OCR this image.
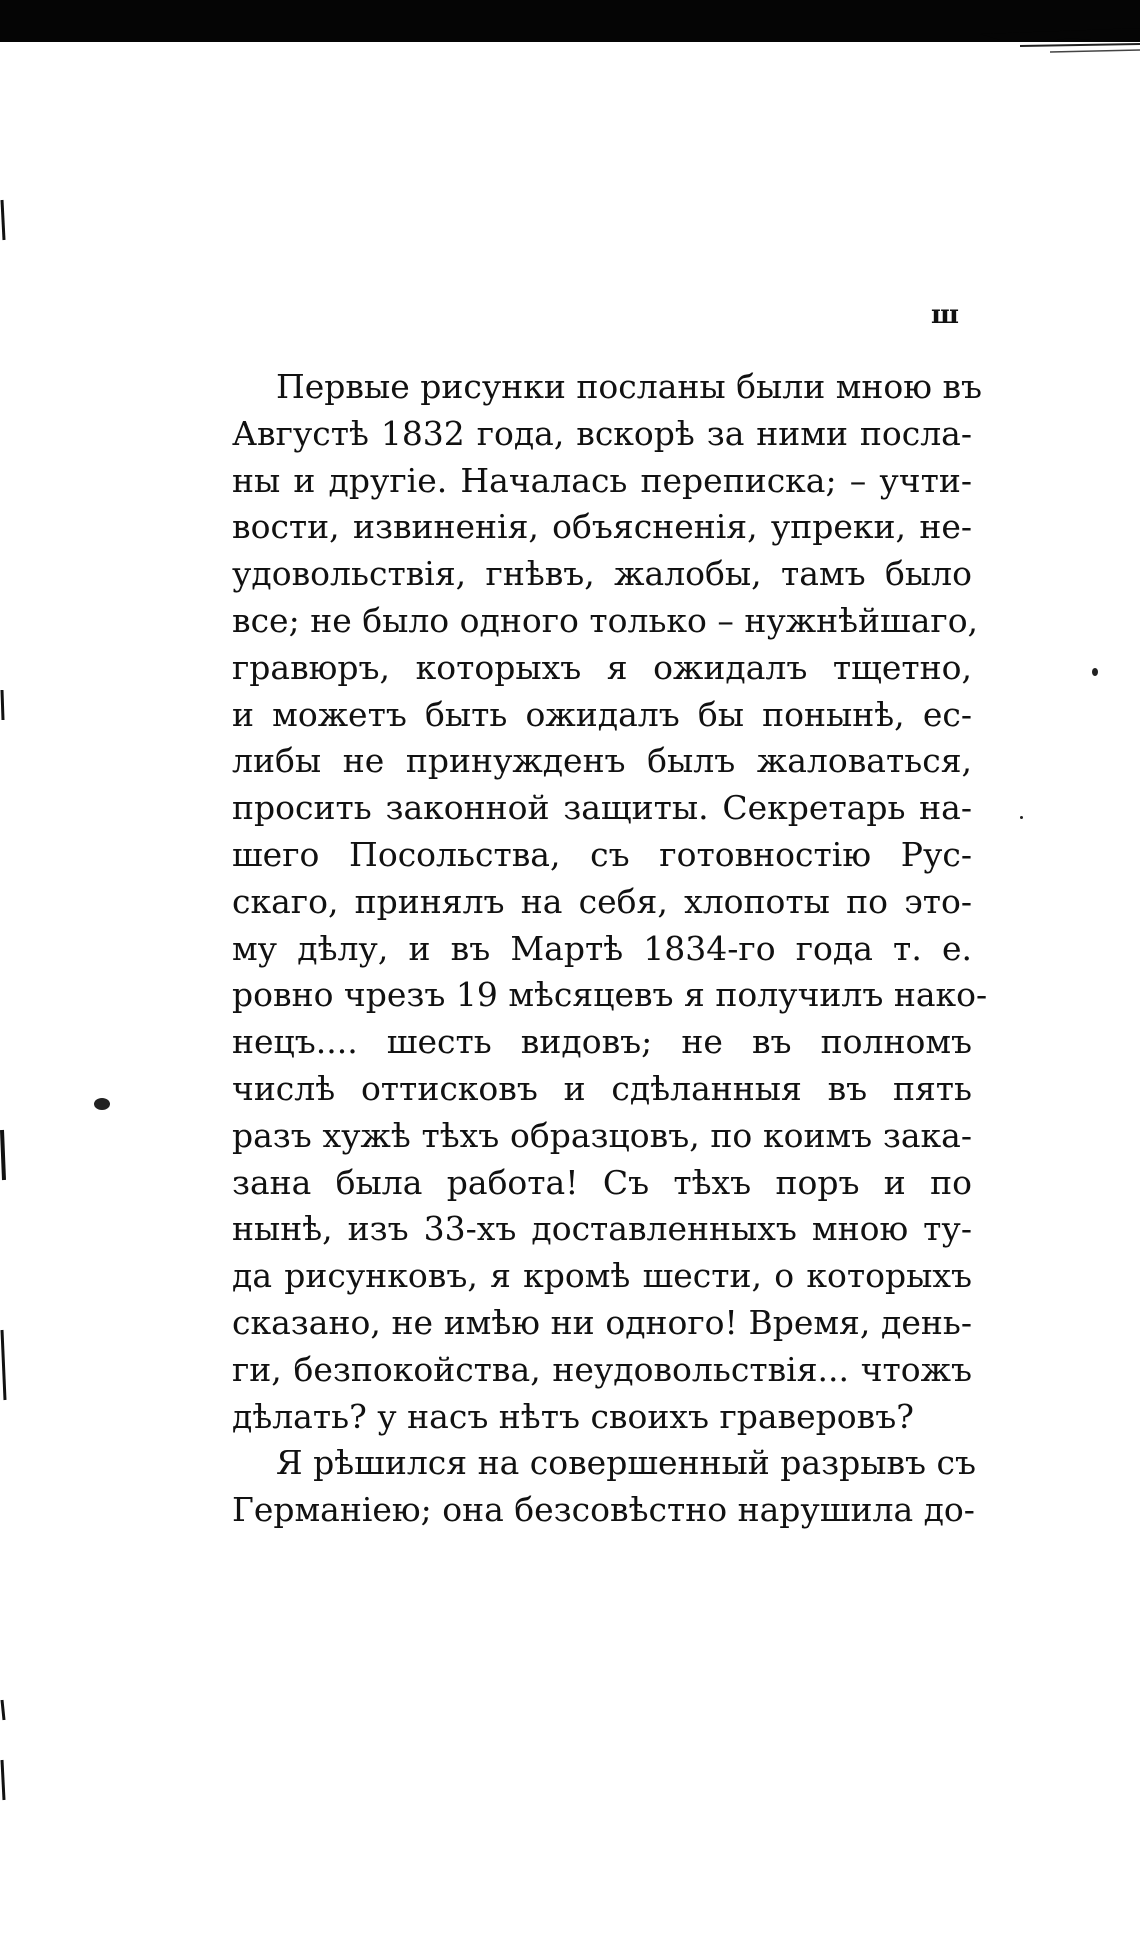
ш
Первые рисунки посланы были мною въ
Августѣ 1832 года, вскорѣ за ними посла-
ны и другіе. Началась переписка; – учти-
вости, извиненія, объясненія, упреки, не-
удовольствія, гнѣвъ, жалобы, тамъ было
все; не было одного только – нужнѣйшаго,
гравюръ, которыхъ я ожидалъ тщетно,
и можетъ быть ожидалъ бы понынѣ, ес-
либы не принужденъ былъ жаловаться,
просить законной защиты. Секретарь на-
шего Посольства, съ готовностію Рус-
скаго, принялъ на себя, хлопоты по это-
му дѣлу, и въ Мартѣ 1834-го года т. е.
ровно чрезъ 19 мѣсяцевъ я получилъ нако-
нецъ.... шесть видовъ; не въ полномъ
числѣ оттисковъ и сдѣланныя въ пять
разъ хужѣ тѣхъ образцовъ, по коимъ зака-
зана была работа! Съ тѣхъ поръ и по
нынѣ, изъ 33-хъ доставленныхъ мною ту-
да рисунковъ, я кромѣ шести, о которыхъ
сказано, не имѣю ни одного! Время, день-
ги, безпокойства, неудовольствія... чтожъ
дѣлать? у насъ нѣтъ своихъ граверовъ?
Я рѣшился на совершенный разрывъ съ
Германіею; она безсовѣстно нарушила до-
